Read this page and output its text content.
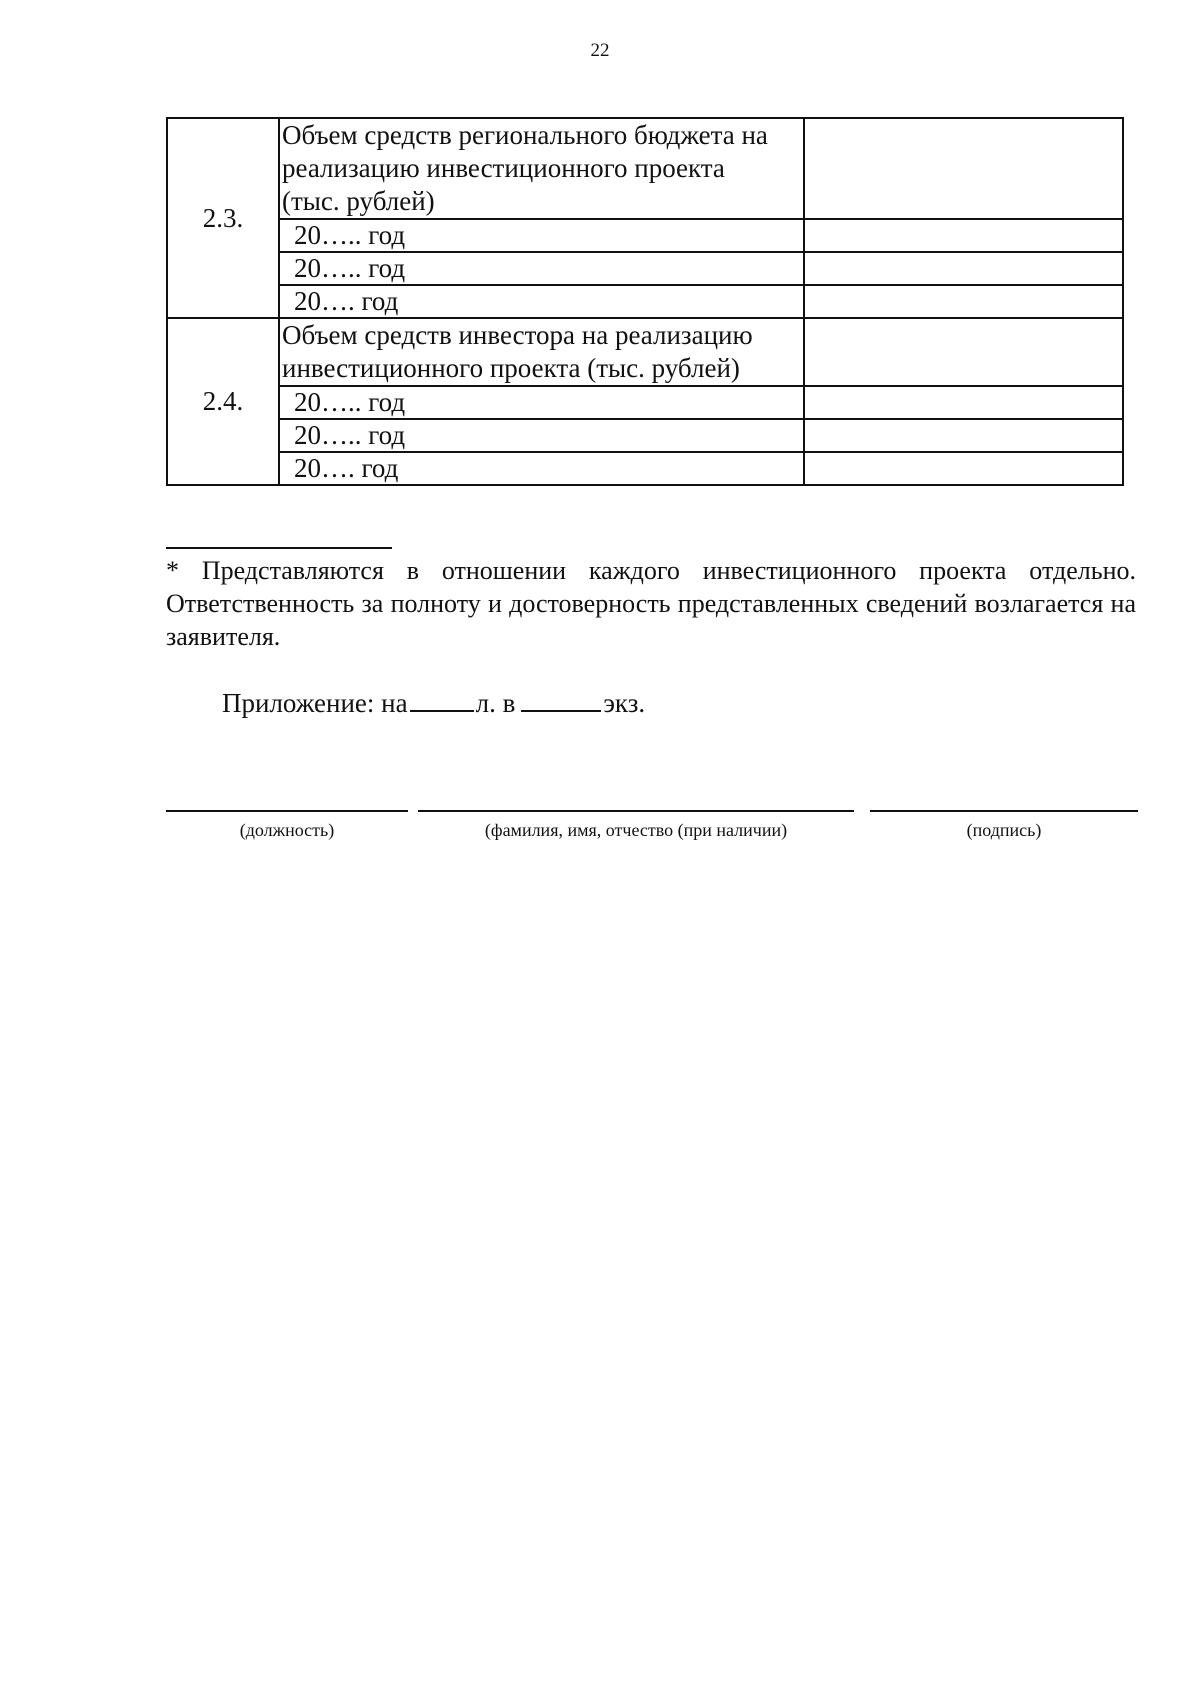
22
2.3.	Объем средств регионального бюджета на
реализацию инвестиционного проекта
(тыс. рублей)	

	20….. год	
	20….. год	
	20…. год	
2.4.	Объем средств инвестора на реализацию
инвестиционного проекта (тыс. рублей)	

	20….. год	
	20….. год	
	20…. год	
* Представляются в отношении каждого инвестиционного проекта отдельно. Ответственность за полноту и достоверность представленных сведений возлагается на заявителя.
Приложение: на	л. в	экз.
(должность)	(фамилия, имя, отчество (при наличии)	(подпись)
